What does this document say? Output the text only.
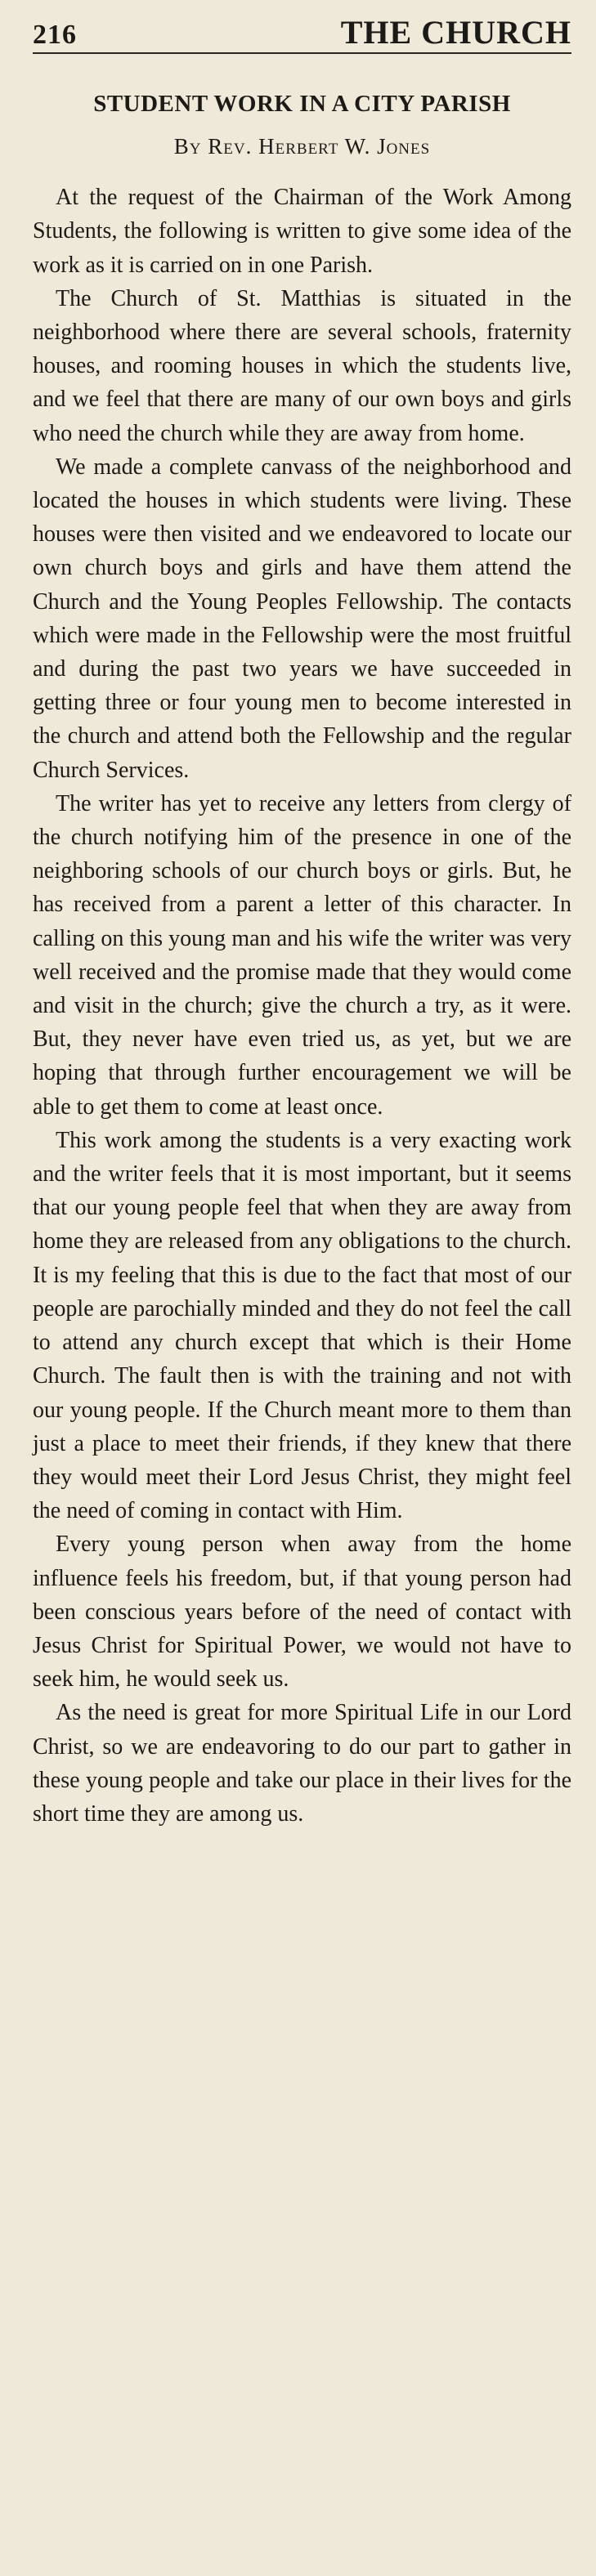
216	THE CHURCH
STUDENT WORK IN A CITY PARISH
By Rev. Herbert W. Jones

At the request of the Chairman of the Work Among Students, the following is written to give some idea of the work as it is carried on in one Parish.

The Church of St. Matthias is situated in the neighborhood where there are several schools, fraternity houses, and rooming houses in which the students live, and we feel that there are many of our own boys and girls who need the church while they are away from home.

We made a complete canvass of the neighborhood and located the houses in which students were living. These houses were then visited and we endeavored to locate our own church boys and girls and have them attend the Church and the Young Peoples Fellowship. The contacts which were made in the Fellowship were the most fruitful and during the past two years we have succeeded in getting three or four young men to become interested in the church and attend both the Fellowship and the regular Church Services.

The writer has yet to receive any letters from clergy of the church notifying him of the presence in one of the neighboring schools of our church boys or girls. But, he has received from a parent a letter of this character. In calling on this young man and his wife the writer was very well received and the promise made that they would come and visit in the church; give the church a try, as it were. But, they never have even tried us, as yet, but we are hoping that through further encouragement we will be able to get them to come at least once.

This work among the students is a very exacting work and the writer feels that it is most important, but it seems that our young people feel that when they are away from home they are released from any obligations to the church. It is my feeling that this is due to the fact that most of our people are parochially minded and they do not feel the call to attend any church except that which is their Home Church. The fault then is with the training and not with our young people. If the Church meant more to them than just a place to meet their friends, if they knew that there they would meet their Lord Jesus Christ, they might feel the need of coming in contact with Him.

Every young person when away from the home influence feels his freedom, but, if that young person had been conscious years before of the need of contact with Jesus Christ for Spiritual Power, we would not have to seek him, he would seek us.

As the need is great for more Spiritual Life in our Lord Christ, so we are endeavoring to do our part to gather in these young people and take our place in their lives for the short time they are among us.
